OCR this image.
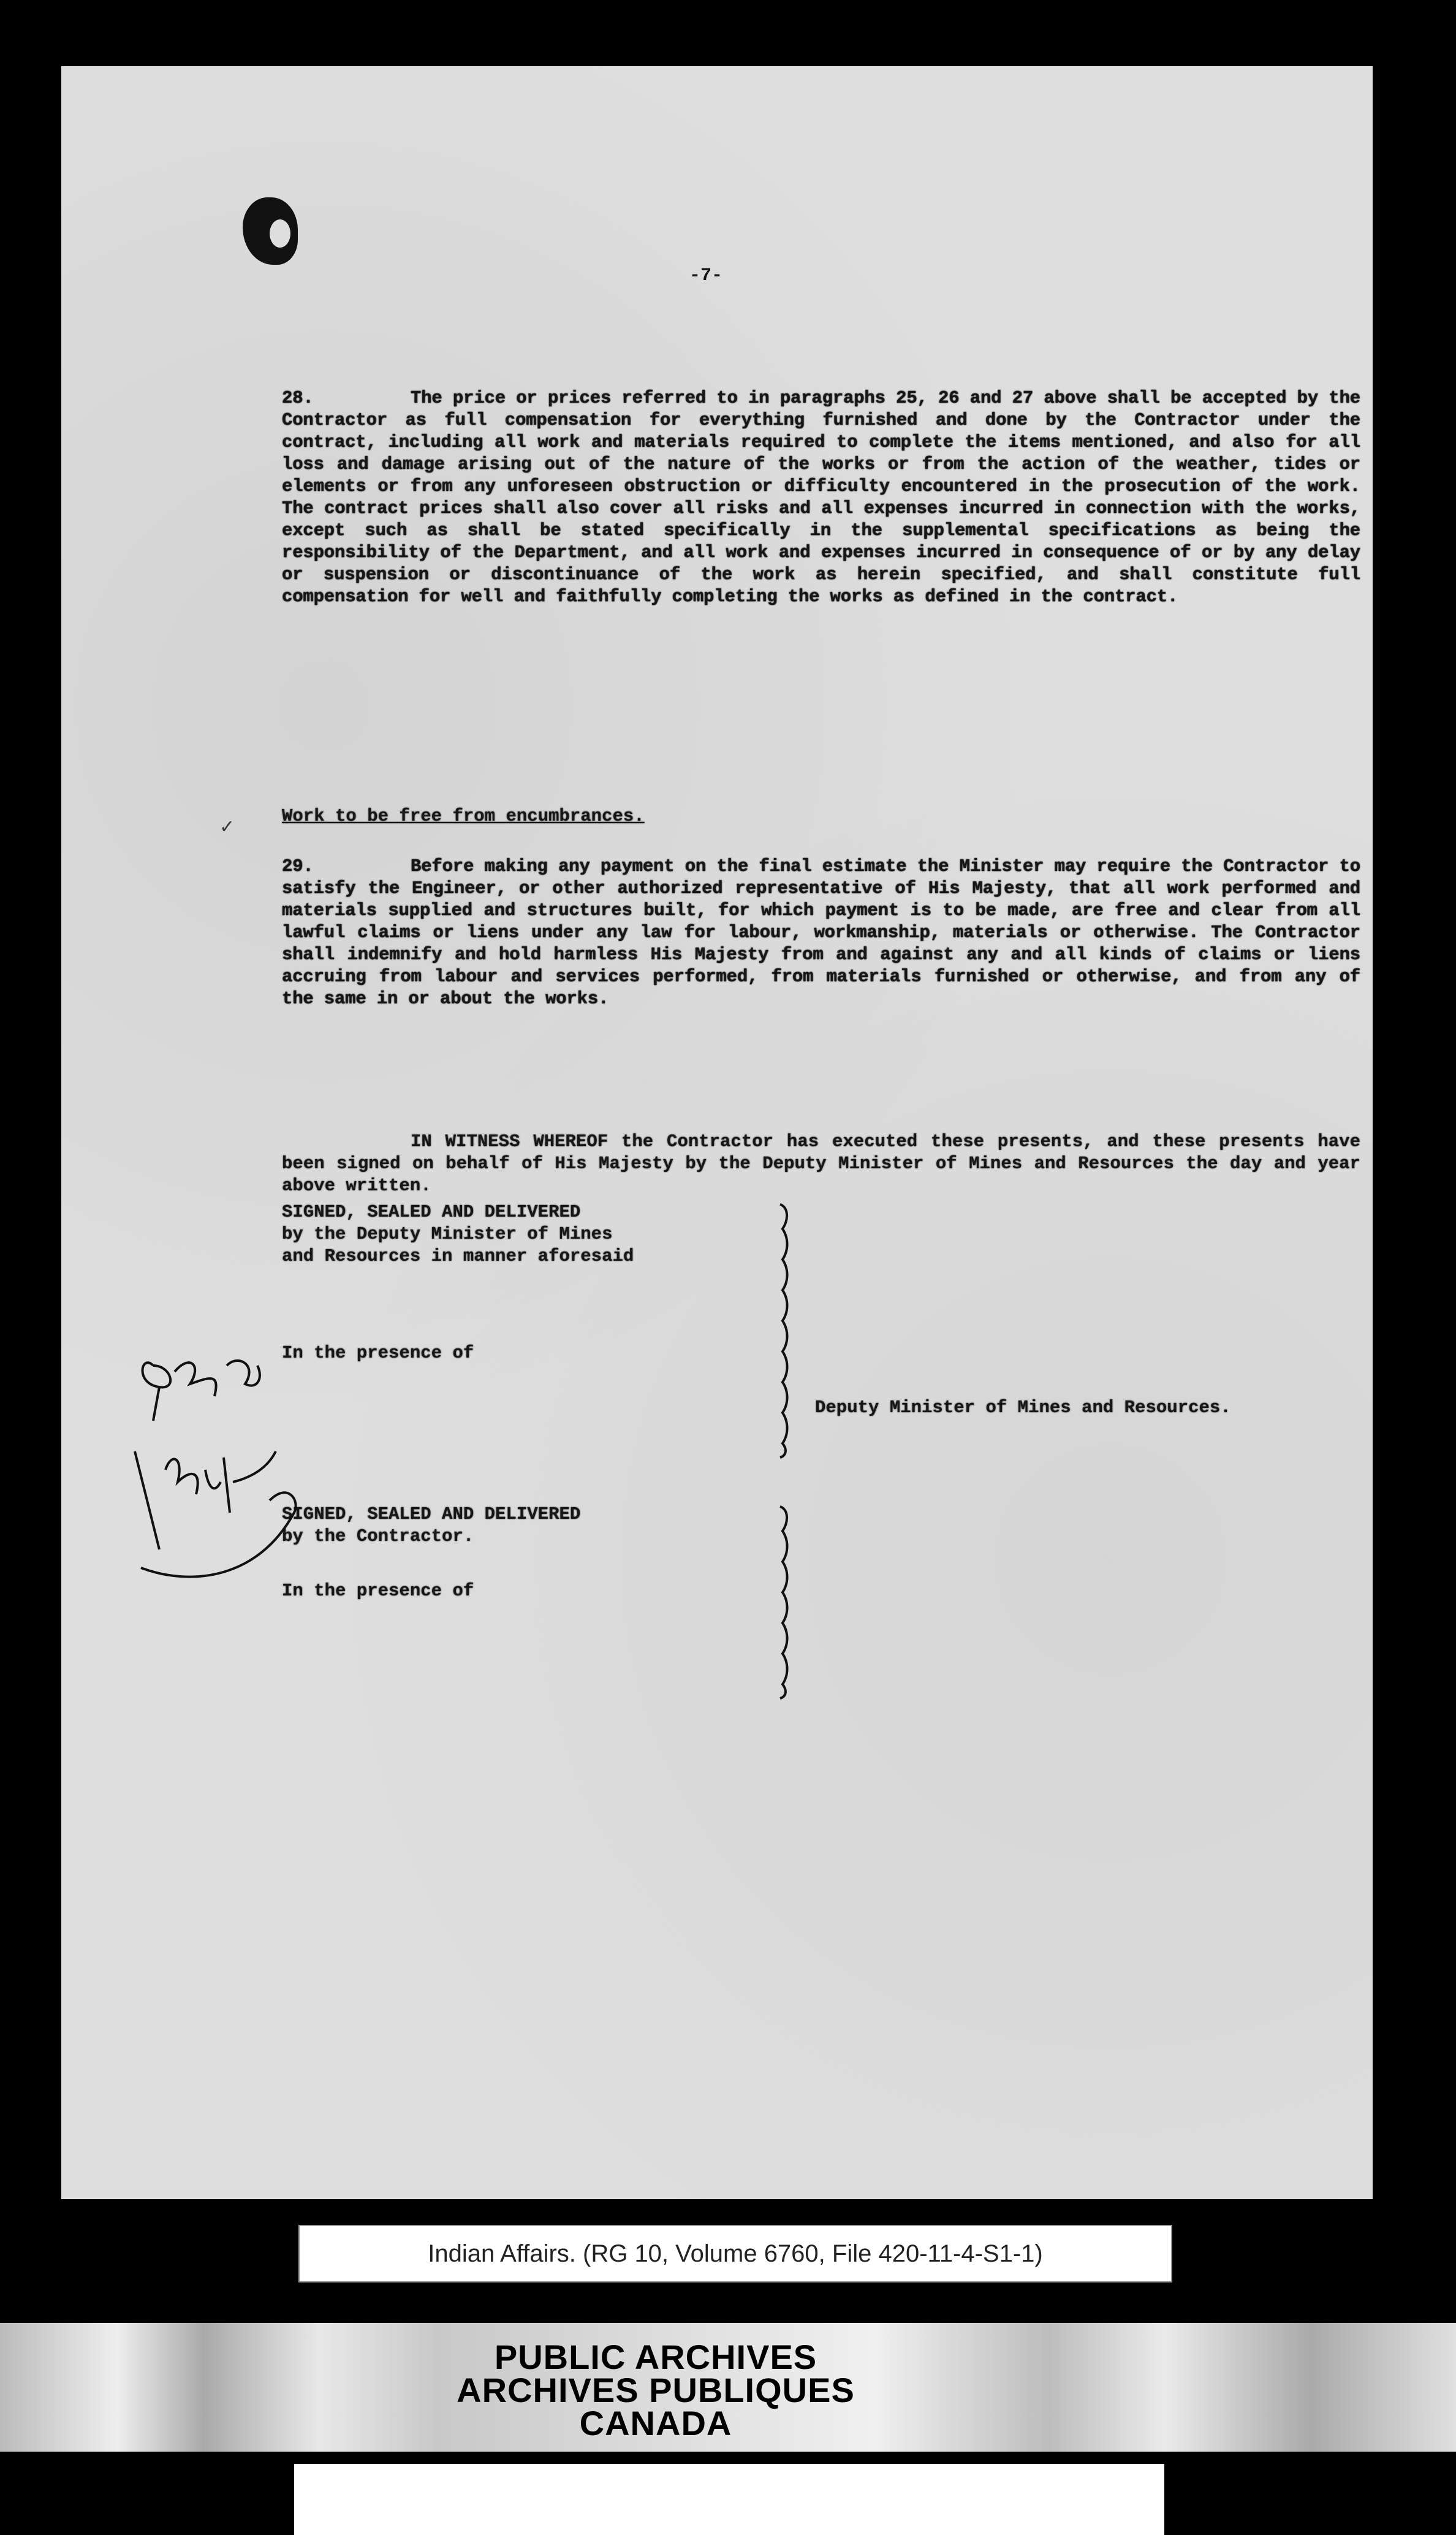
-7-
28.	The price or prices referred to in paragraphs 25, 26 and 27 above shall be accepted by the Contractor as full compensation for everything furnished and done by the Contractor under the contract, including all work and materials required to complete the items mentioned, and also for all loss and damage arising out of the nature of the works or from the action of the weather, tides or elements or from any unforeseen obstruction or difficulty encountered in the prosecution of the work. The contract prices shall also cover all risks and all expenses incurred in connection with the works, except such as shall be stated specifically in the supplemental specifications as being the responsibility of the Department, and all work and expenses incurred in consequence of or by any delay or suspension or discontinuance of the work as herein specified, and shall constitute full compensation for well and faithfully completing the works as defined in the contract.
Work to be free from encumbrances.
✓
29.	Before making any payment on the final estimate the Minister may require the Contractor to satisfy the Engineer, or other authorized representative of His Majesty, that all work performed and materials supplied and structures built, for which payment is to be made, are free and clear from all lawful claims or liens under any law for labour, workmanship, materials or otherwise. The Contractor shall indemnify and hold harmless His Majesty from and against any and all kinds of claims or liens accruing from labour and services performed, from materials furnished or otherwise, and from any of the same in or about the works.
IN WITNESS WHEREOF the Contractor has executed these presents, and these presents have been signed on behalf of His Majesty by the Deputy Minister of Mines and Resources the day and year above written.
SIGNED, SEALED AND DELIVERED
by the Deputy Minister of Mines
and Resources in manner aforesaid
In the presence of
Deputy Minister of Mines and Resources.
SIGNED, SEALED AND DELIVERED
by the Contractor.
In the presence of
Indian Affairs. (RG 10, Volume 6760, File 420-11-4-S1-1)
PUBLIC ARCHIVES
ARCHIVES PUBLIQUES
CANADA
